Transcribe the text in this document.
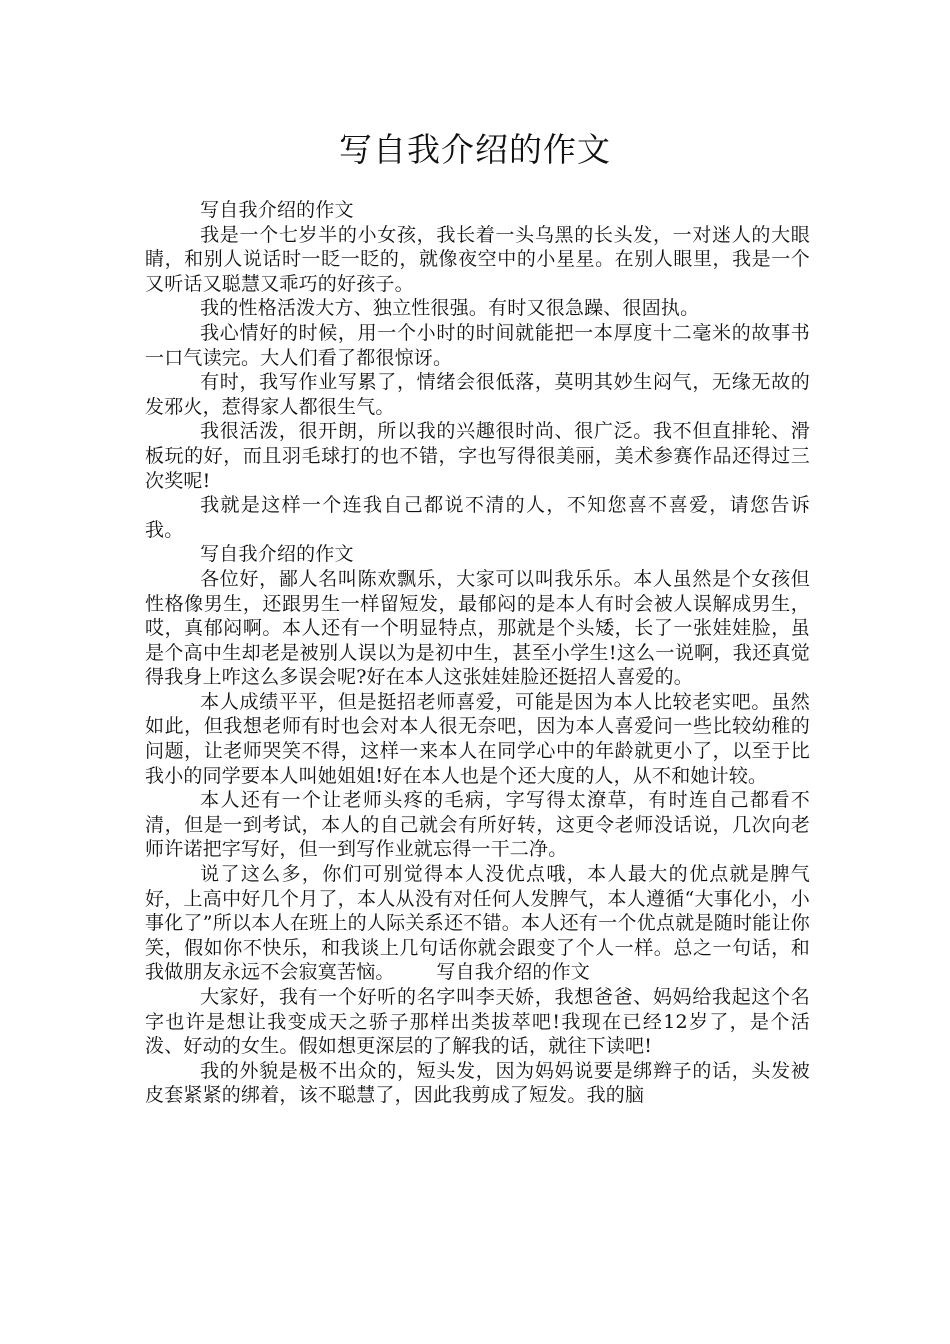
写自我介绍的作文

写自我介绍的作文

我是一个七岁半的小女孩，我长着一头乌黑的长头发，一对迷人的大眼睛，和别人说话时一眨一眨的，就像夜空中的小星星。在别人眼里，我是一个又听话又聪慧又乖巧的好孩子。

我的性格活泼大方、独立性很强。有时又很急躁、很固执。

我心情好的时候，用一个小时的时间就能把一本厚度十二毫米的故事书一口气读完。大人们看了都很惊讶。

有时，我写作业写累了，情绪会很低落，莫明其妙生闷气，无缘无故的发邪火，惹得家人都很生气。

我很活泼，很开朗，所以我的兴趣很时尚、很广泛。我不但直排轮、滑板玩的好，而且羽毛球打的也不错，字也写得很美丽，美术参赛作品还得过三次奖呢!

我就是这样一个连我自己都说不清的人，不知您喜不喜爱，请您告诉我。

写自我介绍的作文

各位好，鄙人名叫陈欢飘乐，大家可以叫我乐乐。本人虽然是个女孩但性格像男生，还跟男生一样留短发，最郁闷的是本人有时会被人误解成男生，哎，真郁闷啊。本人还有一个明显特点，那就是个头矮，长了一张娃娃脸，虽是个高中生却老是被别人误以为是初中生，甚至小学生!这么一说啊，我还真觉得我身上咋这么多误会呢?好在本人这张娃娃脸还挺招人喜爱的。

本人成绩平平，但是挺招老师喜爱，可能是因为本人比较老实吧。虽然如此，但我想老师有时也会对本人很无奈吧，因为本人喜爱问一些比较幼稚的问题，让老师哭笑不得，这样一来本人在同学心中的年龄就更小了，以至于比我小的同学要本人叫她姐姐!好在本人也是个还大度的人，从不和她计较。

本人还有一个让老师头疼的毛病，字写得太潦草，有时连自己都看不清，但是一到考试，本人的自己就会有所好转，这更令老师没话说，几次向老师许诺把字写好，但一到写作业就忘得一干二净。

说了这么多，你们可别觉得本人没优点哦，本人最大的优点就是脾气好，上高中好几个月了，本人从没有对任何人发脾气，本人遵循“大事化小，小事化了”所以本人在班上的人际关系还不错。本人还有一个优点就是随时能让你笑，假如你不快乐，和我谈上几句话你就会跟变了个人一样。总之一句话，和我做朋友永远不会寂寞苦恼。 写自我介绍的作文

大家好，我有一个好听的名字叫李天娇，我想爸爸、妈妈给我起这个名字也许是想让我变成天之骄子那样出类拔萃吧!我现在已经12岁了，是个活泼、好动的女生。假如想更深层的了解我的话，就往下读吧!

我的外貌是极不出众的，短头发，因为妈妈说要是绑辫子的话，头发被皮套紧紧的绑着，该不聪慧了，因此我剪成了短发。我的脑
